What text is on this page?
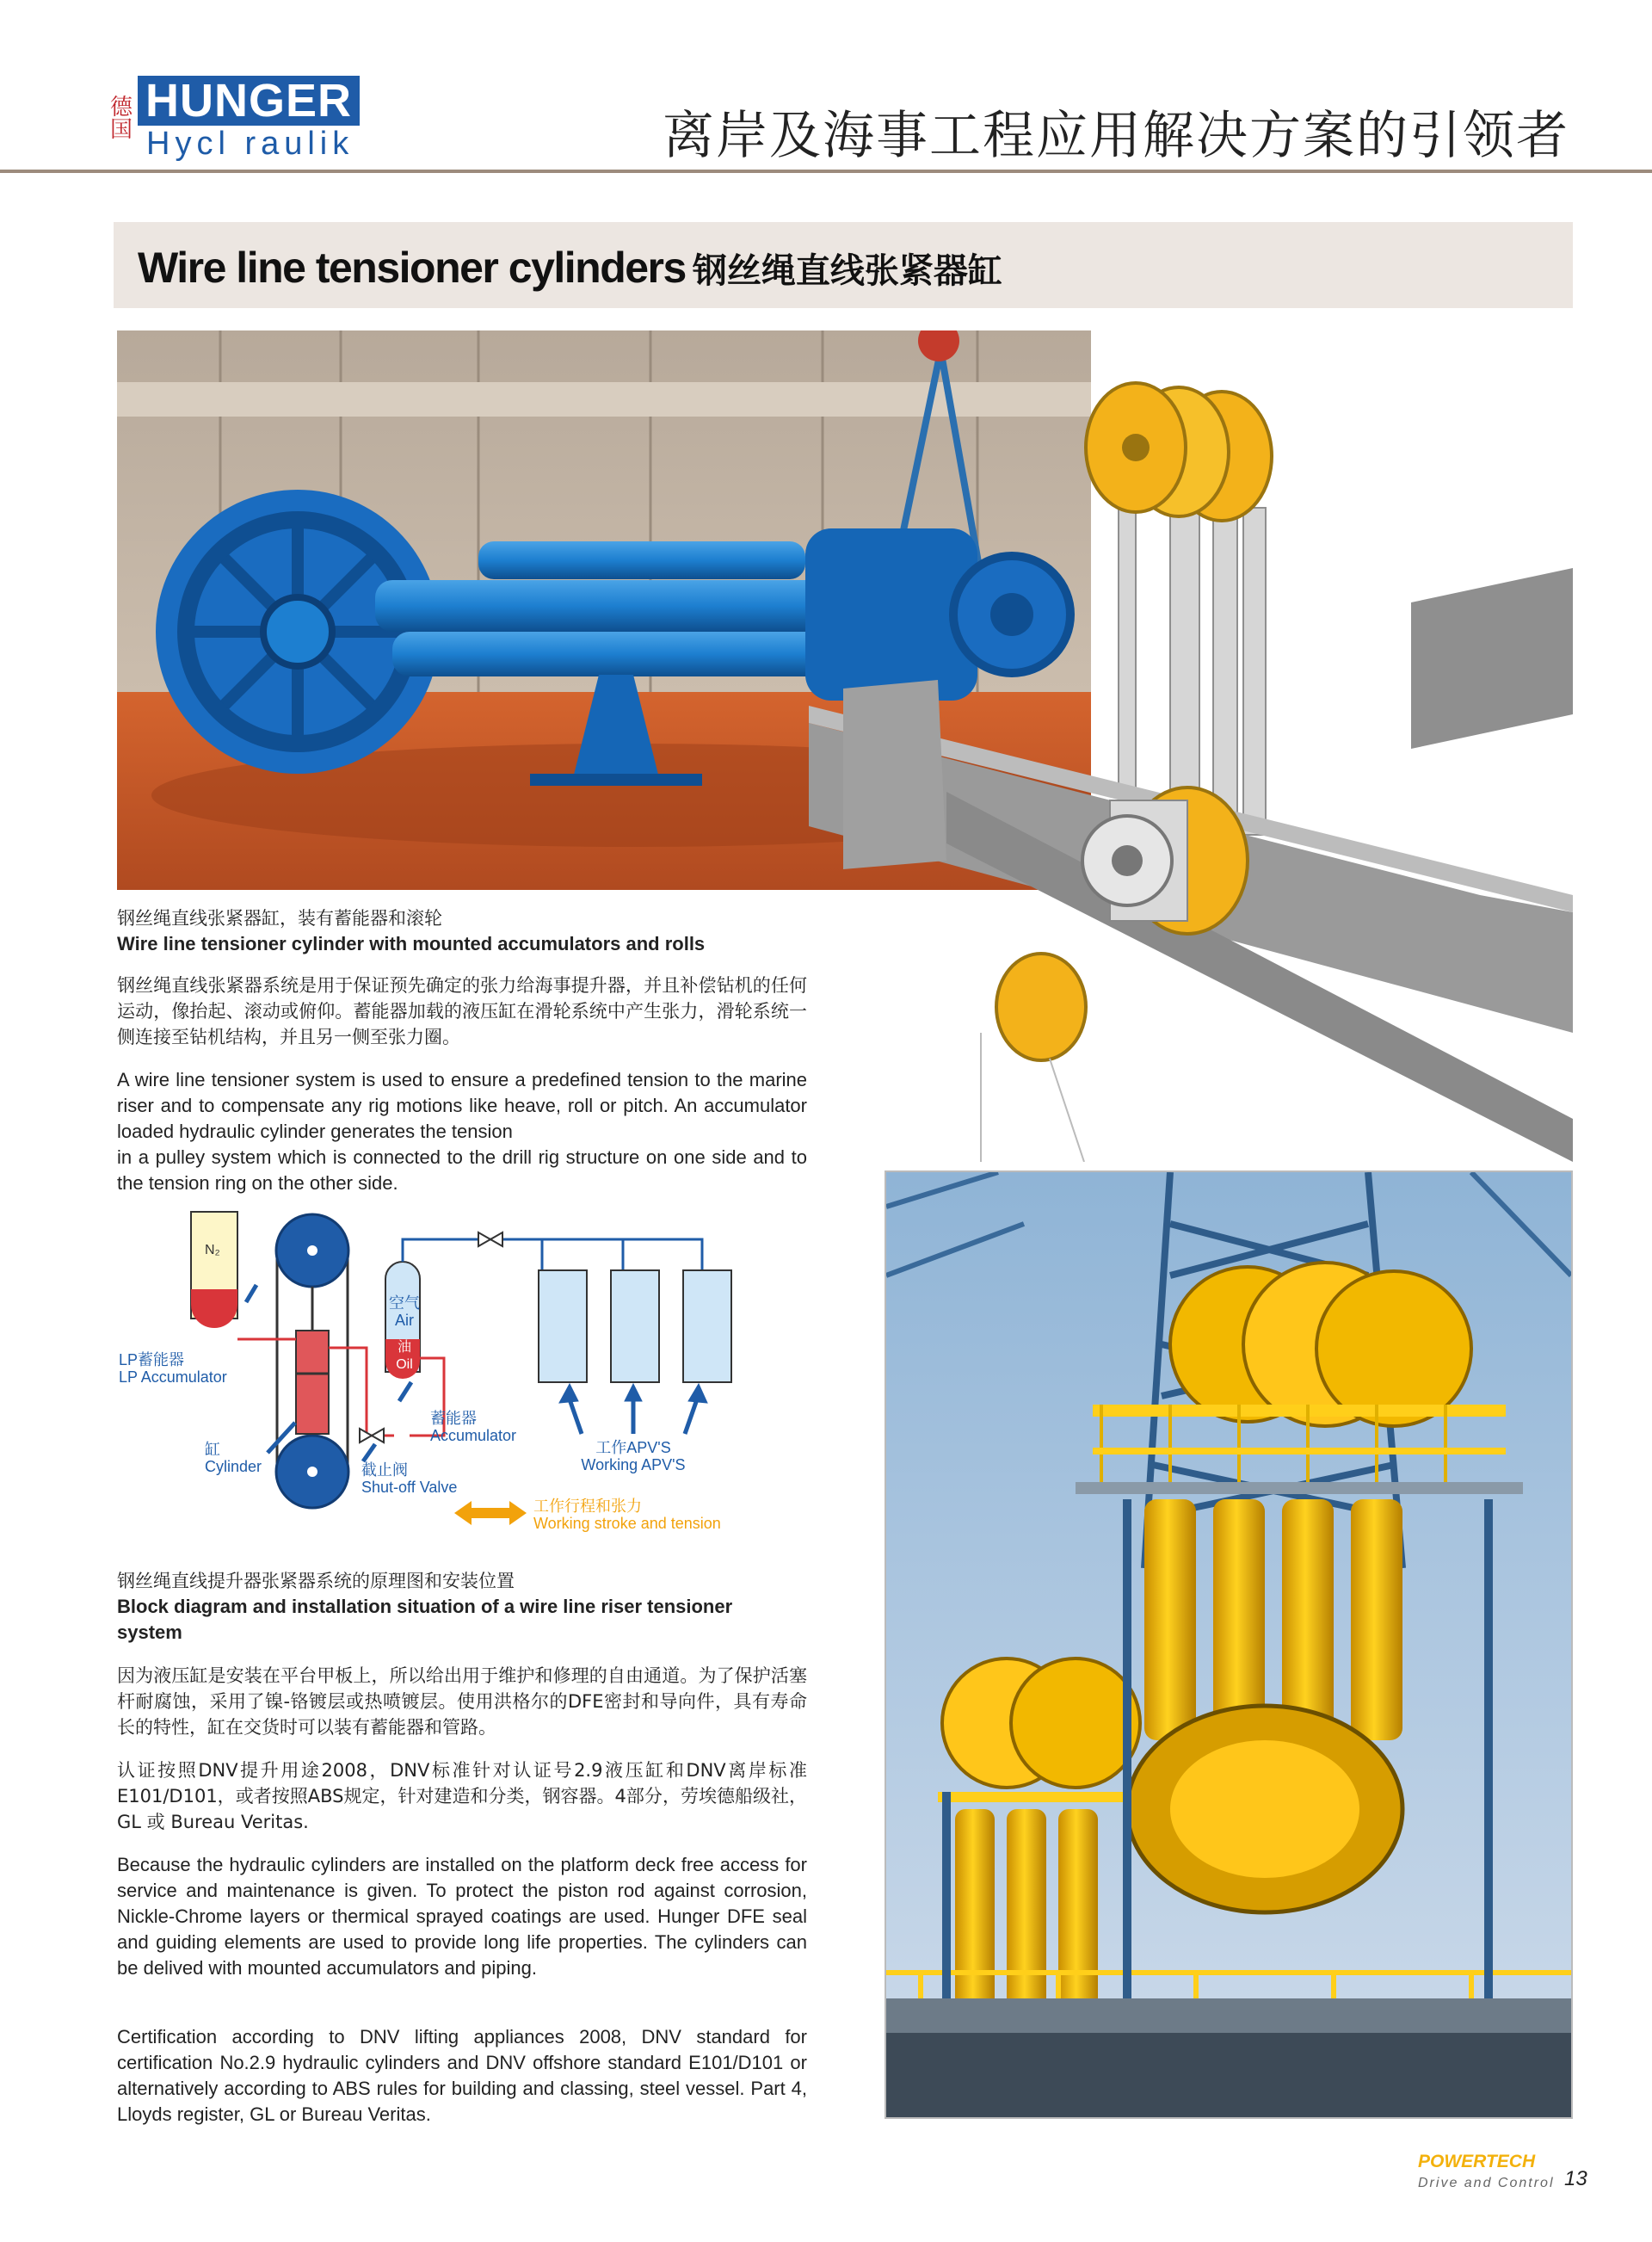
德国
HUNGER
Hycl raulik	离岸及海事工程应用解决方案的引领者
Wire line tensioner cylinders 钢丝绳直线张紧器缸
钢丝绳直线张紧器缸，装有蓄能器和滚轮
Wire line tensioner cylinder with mounted accumulators and rolls
钢丝绳直线张紧器系统是用于保证预先确定的张力给海事提升器，并且补偿钻机的任何运动，像抬起、滚动或俯仰。蓄能器加载的液压缸在滑轮系统中产生张力，滑轮系统一侧连接至钻机结构，并且另一侧至张力圈。
A wire line tensioner system is used to ensure a predefined tension to the marine riser and to compensate any rig motions like heave, roll or pitch. An accumulator loaded hydraulic cylinder generates the tension
in a pulley system which is connected to the drill rig structure on one side and to the tension ring on the other side.
N₂
空气
Air
油
Oil
LP蓄能器
LP Accumulator
蓄能器
Accumulator
缸
Cylinder	截止阀
Shut-off Valve
工作APV'S
Working APV'S
工作行程和张力
Working stroke and tension
钢丝绳直线提升器张紧器系统的原理图和安装位置
Block diagram and installation situation of a wire line riser tensioner system
因为液压缸是安装在平台甲板上，所以给出用于维护和修理的自由通道。为了保护活塞杆耐腐蚀，采用了镍-铬镀层或热喷镀层。使用洪格尔的DFE密封和导向件，具有寿命长的特性，缸在交货时可以装有蓄能器和管路。
认证按照DNV提升用途2008，DNV标准针对认证号2.9液压缸和DNV离岸标准E101/D101，或者按照ABS规定，针对建造和分类，钢容器。4部分，劳埃德船级社，GL 或 Bureau Veritas.
Because the hydraulic cylinders are installed on the platform deck free access for service and maintenance is given. To protect the piston rod against corrosion, Nickle-Chrome layers or thermical sprayed coatings are used. Hunger DFE seal and guiding elements are used to provide long life properties. The cylinders can be delived with mounted accumulators and piping.
Certification according to DNV lifting appliances 2008, DNV standard for certification No.2.9 hydraulic cylinders and DNV offshore standard E101/D101 or alternatively according to ABS rules for building and classing, steel vessel. Part 4, Lloyds register, GL or Bureau Veritas.
POWERTECH
Drive and Control 13
